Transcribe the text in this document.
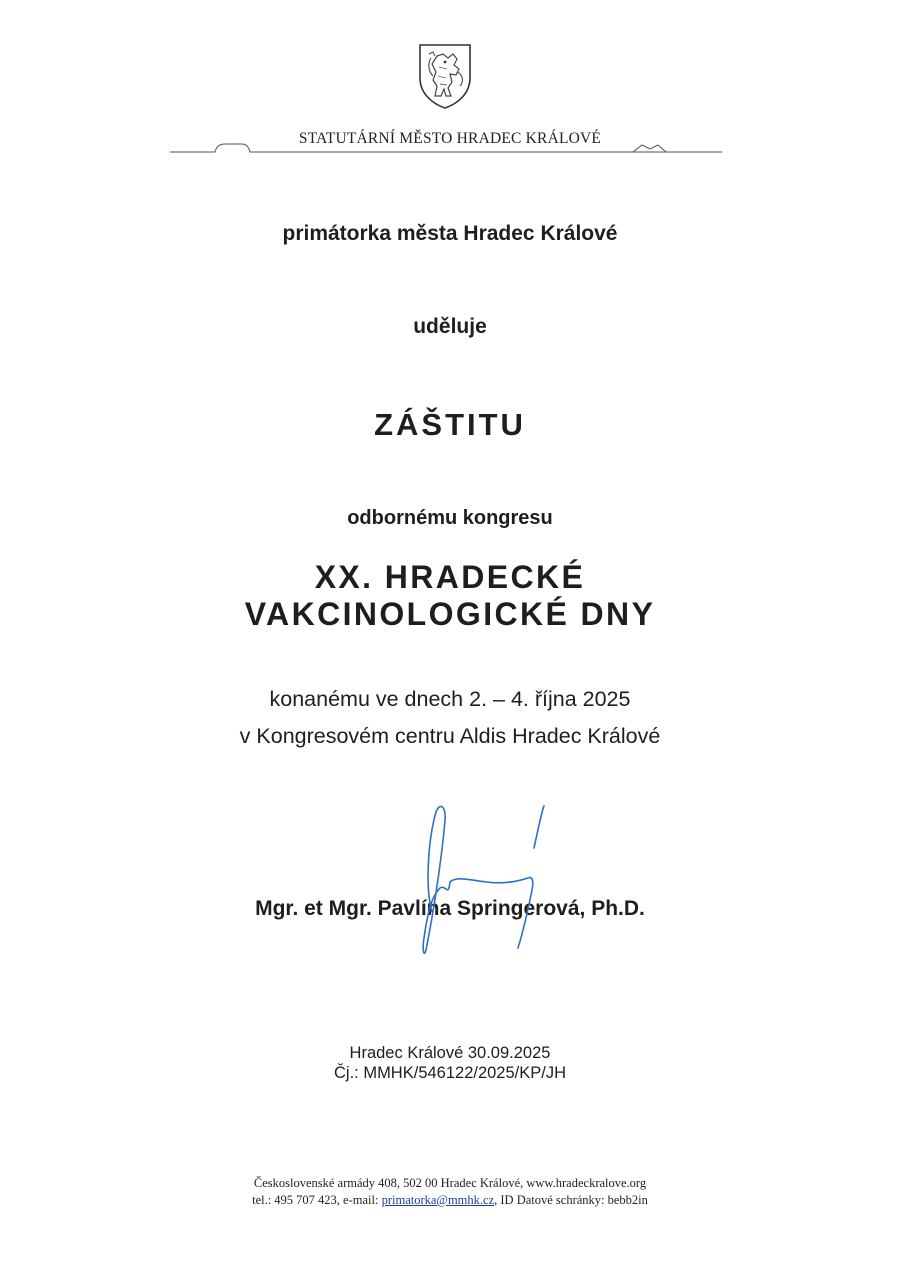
STATUTÁRNÍ MĚSTO HRADEC KRÁLOVÉ
primátorka města Hradec Králové
uděluje
ZÁŠTITU
odbornému kongresu
XX. HRADECKÉ
VAKCINOLOGICKÉ DNY
konanému ve dnech 2. – 4. října 2025
v Kongresovém centru Aldis Hradec Králové
Mgr. et Mgr. Pavlína Springerová, Ph.D.
Hradec Králové 30.09.2025
Čj.: MMHK/546122/2025/KP/JH
Československé armády 408, 502 00 Hradec Králové, www.hradeckralove.org
tel.: 495 707 423, e-mail: primatorka@mmhk.cz, ID Datové schránky: bebb2in
